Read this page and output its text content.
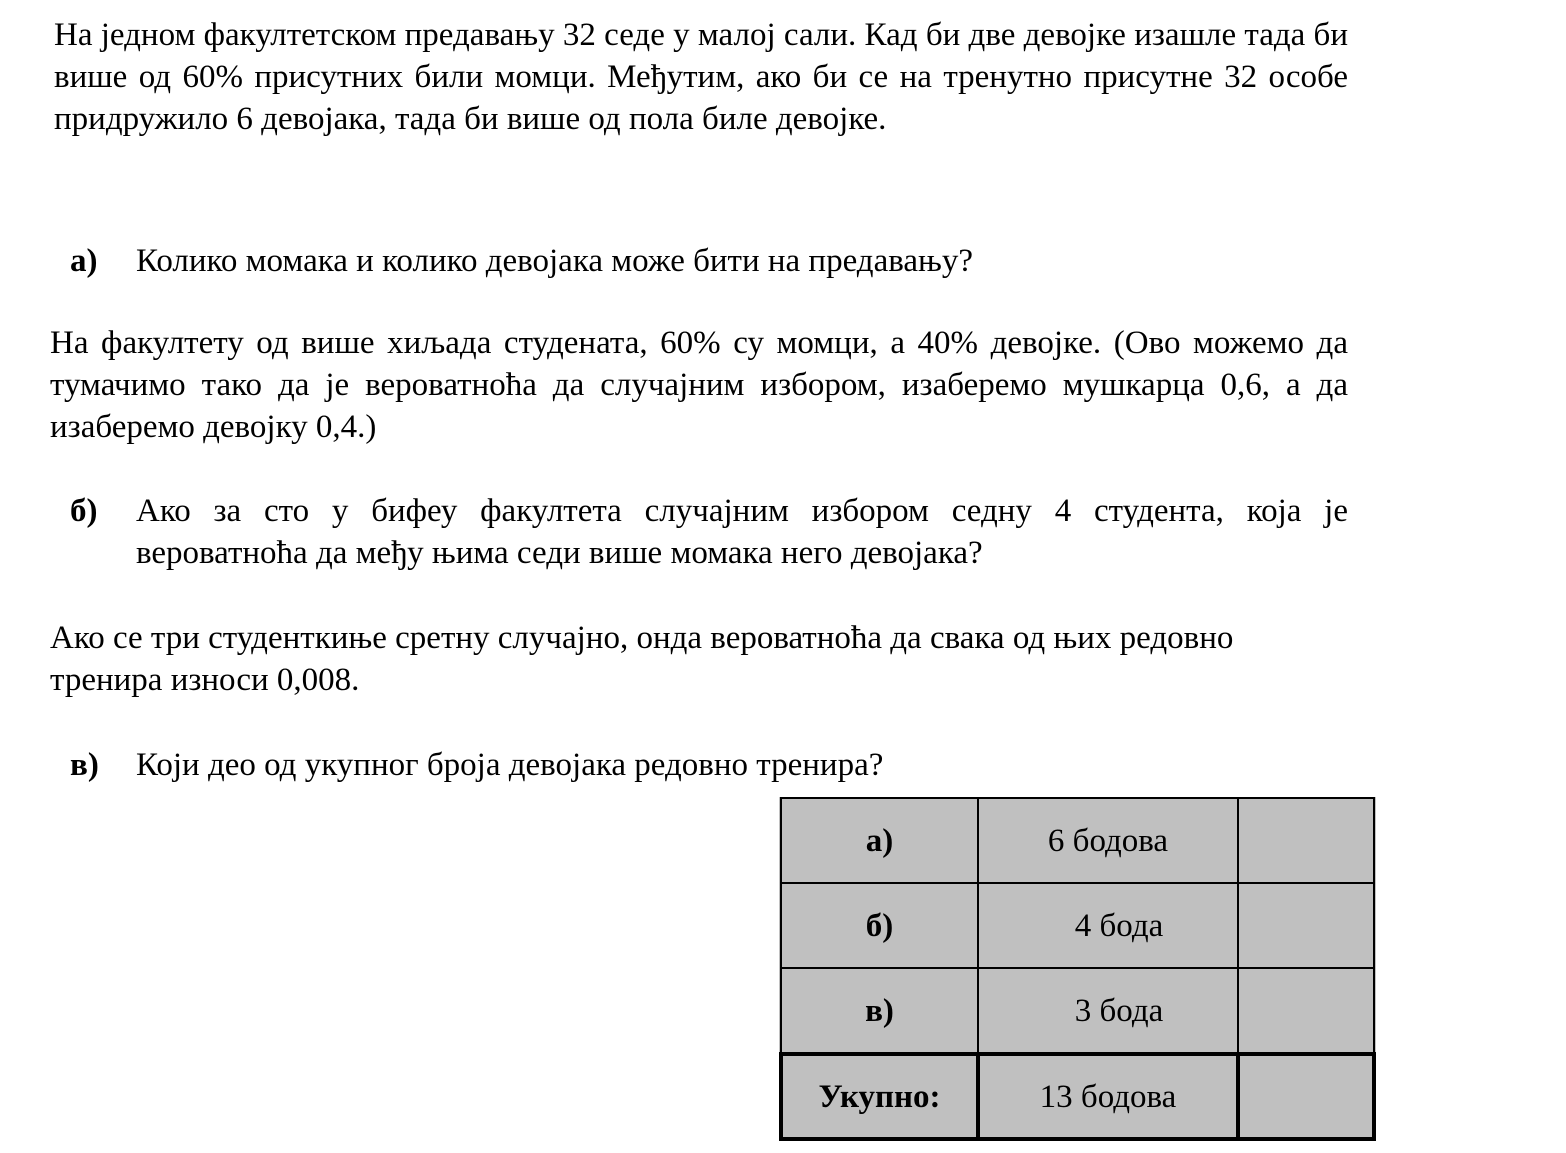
На једном факултетском предавању 32 седе у малој сали. Кад би две девојке изашле тада би више од 60% присутних били момци. Међутим, ако би се на тренутно присутне 32 особе придружило 6 девојака, тада би више од пола биле девојке.

а) Колико момака и колико девојака може бити на предавању?

На факултету од више хиљада студената, 60% су момци, а 40% девојке. (Ово можемо да тумачимо тако да је вероватноћа да случајним избором, изаберемо мушкарца 0,6, а да изаберемо девојку 0,4.)

б) Ако за сто у бифеу факултета случајним избором седну 4 студента, која је вероватноћа да међу њима седи више момака него девојака?

Ако се три студенткиње сретну случајно, онда вероватноћа да свака од њих редовно
тренира износи 0,008.

в) Који део од укупног броја девојака редовно тренира?
а)	6 бодова	
б)	4 бода	
в)	3 бода	
Укупно:	13 бодова	
